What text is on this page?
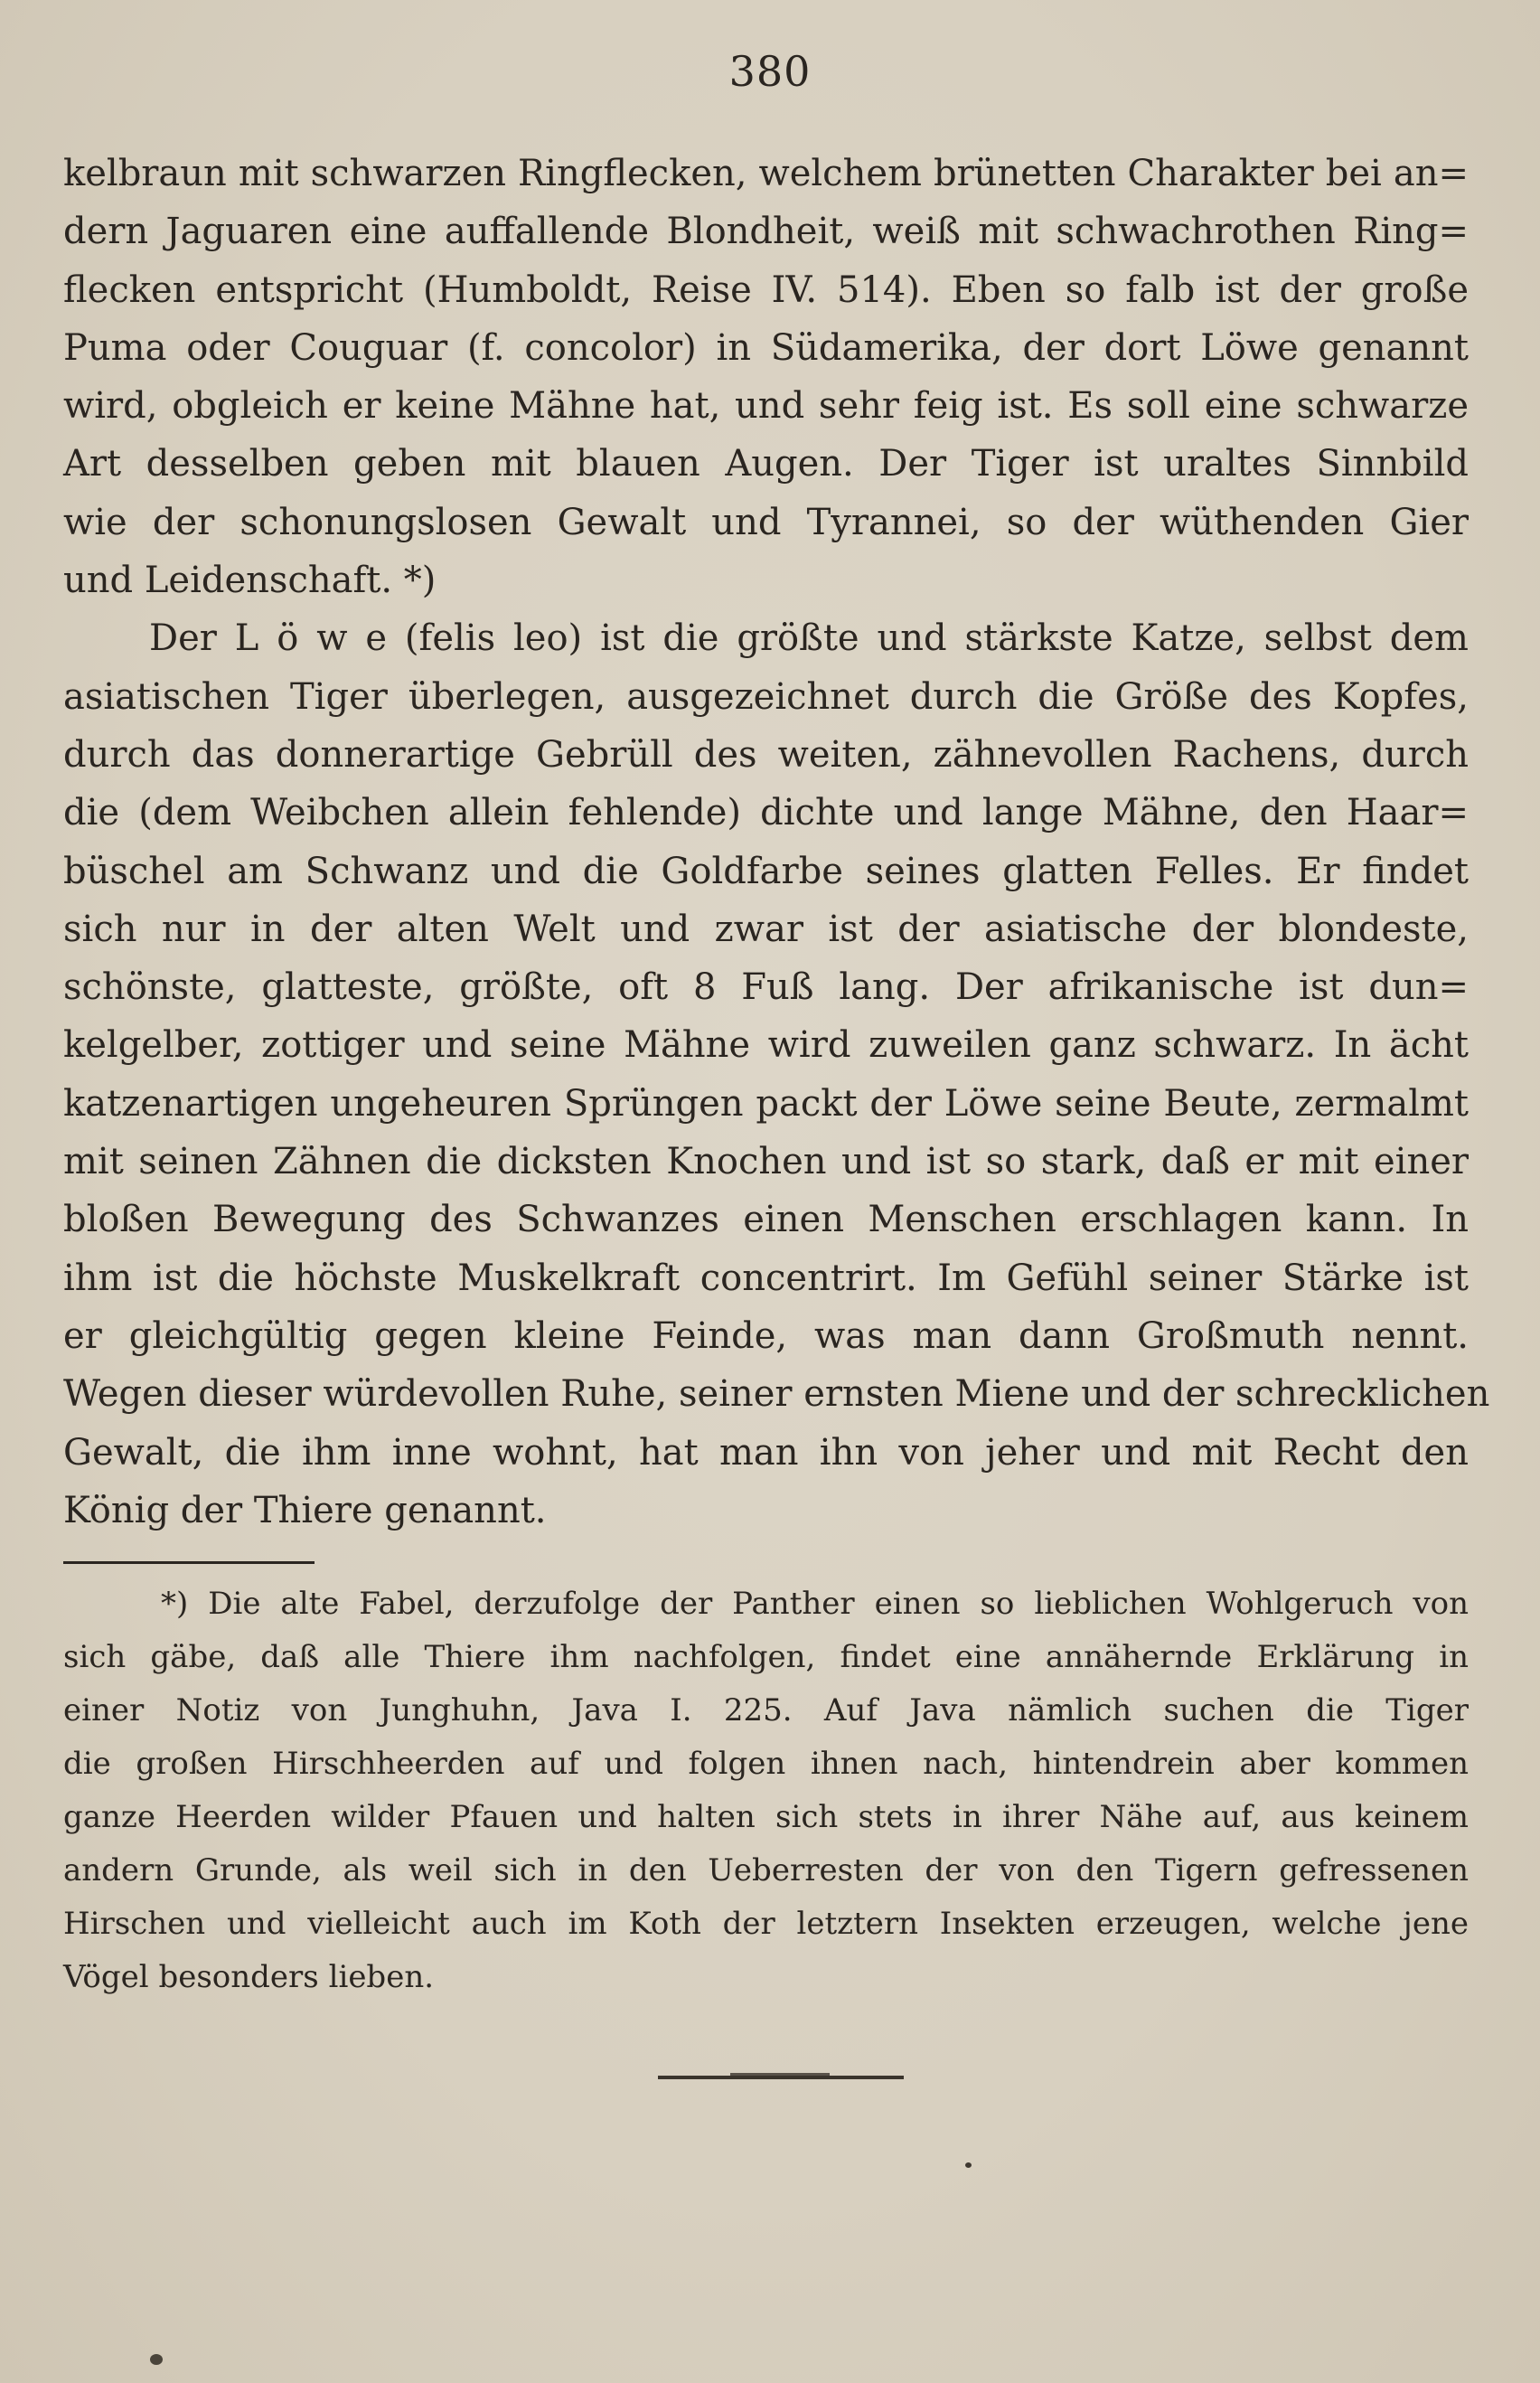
380
kelbraun mit schwarzen Ringflecken, welchem brünetten Charakter bei an=
dern Jaguaren eine auffallende Blondheit, weiß mit schwachrothen Ring=
flecken entspricht (Humboldt, Reise IV. 514). Eben so falb ist der große
Puma oder Couguar (f. concolor) in Südamerika, der dort Löwe genannt
wird, obgleich er keine Mähne hat, und sehr feig ist. Es soll eine schwarze
Art desselben geben mit blauen Augen. Der Tiger ist uraltes Sinnbild
wie der schonungslosen Gewalt und Tyrannei, so der wüthenden Gier
und Leidenschaft. *)
Der L ö w e (felis leo) ist die größte und stärkste Katze, selbst dem
asiatischen Tiger überlegen, ausgezeichnet durch die Größe des Kopfes,
durch das donnerartige Gebrüll des weiten, zähnevollen Rachens, durch
die (dem Weibchen allein fehlende) dichte und lange Mähne, den Haar=
büschel am Schwanz und die Goldfarbe seines glatten Felles. Er findet
sich nur in der alten Welt und zwar ist der asiatische der blondeste,
schönste, glatteste, größte, oft 8 Fuß lang. Der afrikanische ist dun=
kelgelber, zottiger und seine Mähne wird zuweilen ganz schwarz. In ächt
katzenartigen ungeheuren Sprüngen packt der Löwe seine Beute, zermalmt
mit seinen Zähnen die dicksten Knochen und ist so stark, daß er mit einer
bloßen Bewegung des Schwanzes einen Menschen erschlagen kann. In
ihm ist die höchste Muskelkraft concentrirt. Im Gefühl seiner Stärke ist
er gleichgültig gegen kleine Feinde, was man dann Großmuth nennt.
Wegen dieser würdevollen Ruhe, seiner ernsten Miene und der schrecklichen
Gewalt, die ihm inne wohnt, hat man ihn von jeher und mit Recht den
König der Thiere genannt.
*) Die alte Fabel, derzufolge der Panther einen so lieblichen Wohlgeruch von
sich gäbe, daß alle Thiere ihm nachfolgen, findet eine annähernde Erklärung in
einer Notiz von Junghuhn, Java I. 225. Auf Java nämlich suchen die Tiger
die großen Hirschheerden auf und folgen ihnen nach, hintendrein aber kommen
ganze Heerden wilder Pfauen und halten sich stets in ihrer Nähe auf, aus keinem
andern Grunde, als weil sich in den Ueberresten der von den Tigern gefressenen
Hirschen und vielleicht auch im Koth der letztern Insekten erzeugen, welche jene
Vögel besonders lieben.
